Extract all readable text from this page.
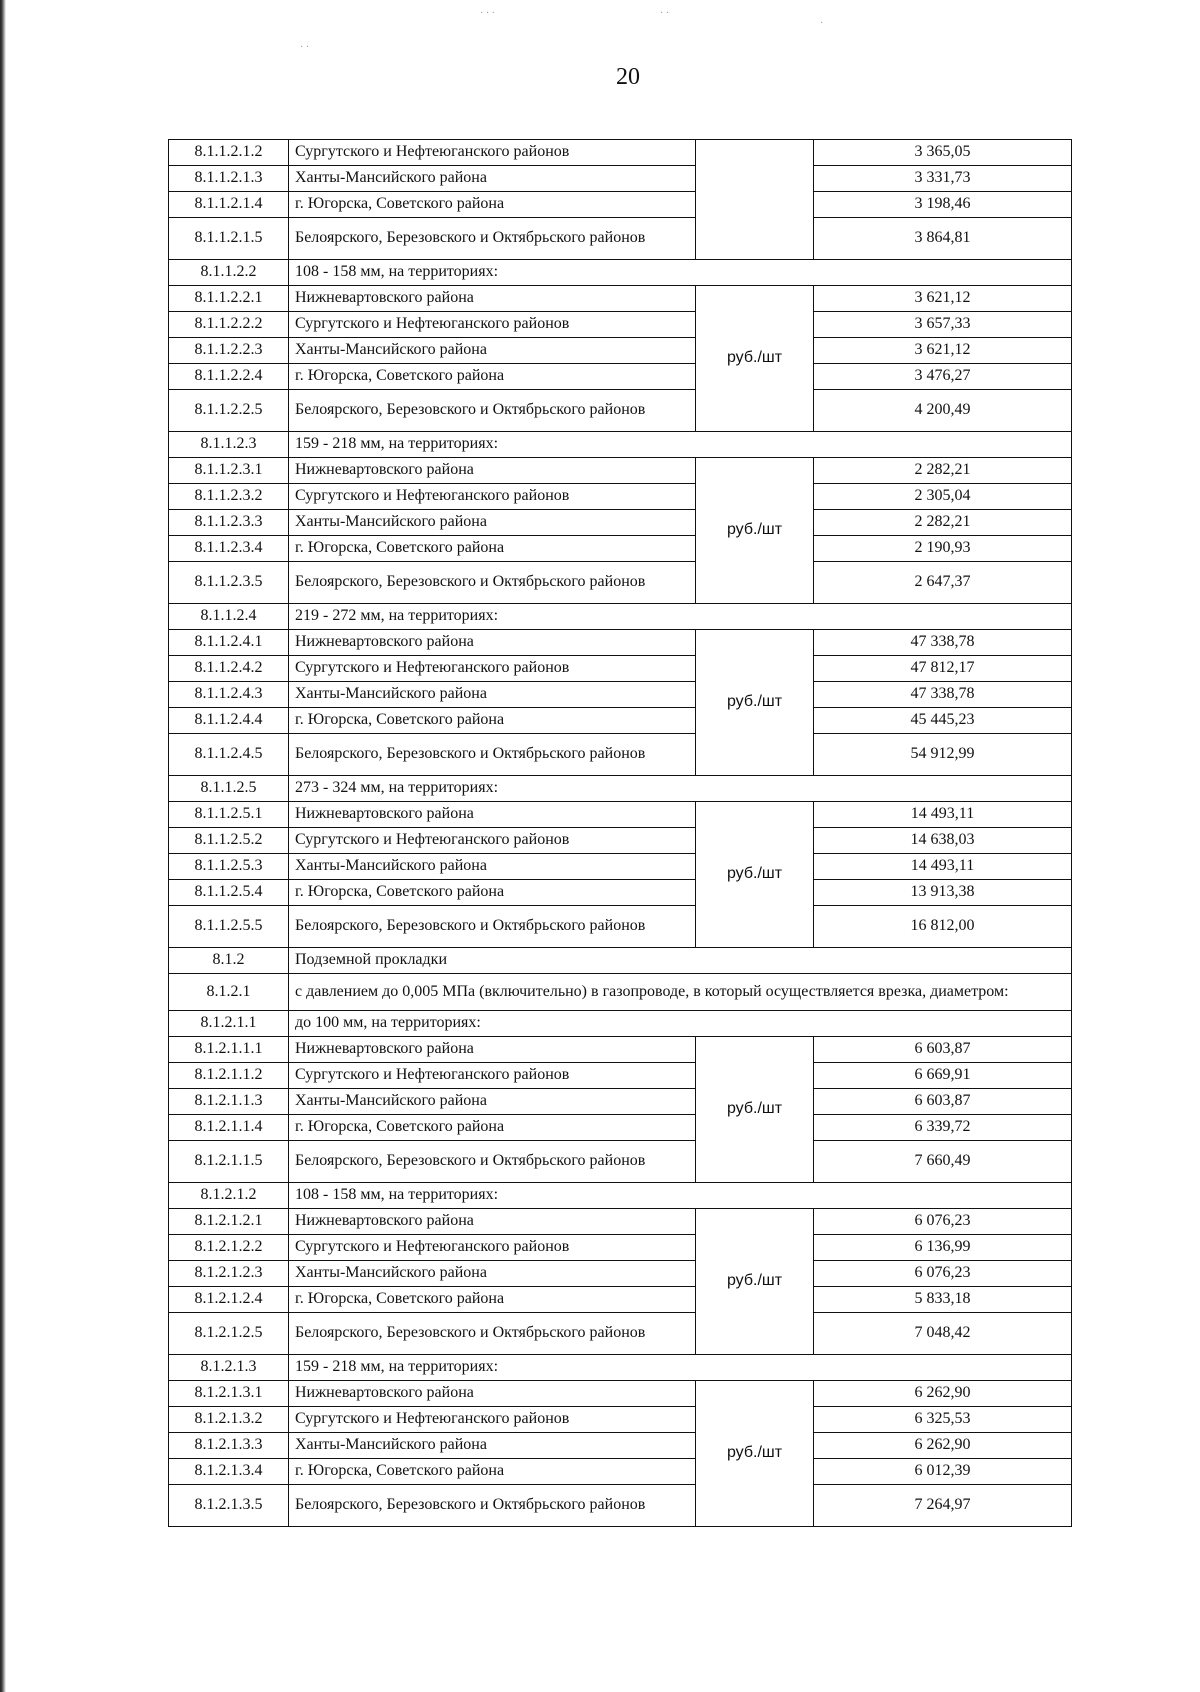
· · ·	· ·
·
· ·
20
8.1.1.2.1.2	Сургутского и Нефтеюганского районов		3 365,05
8.1.1.2.1.3	Ханты-Мансийского района		3 331,73
8.1.1.2.1.4	г. Югорска, Советского района		3 198,46
8.1.1.2.1.5	Белоярского, Березовского и Октябрьского районов		3 864,81
8.1.1.2.2	108 - 158 мм, на территориях:		
8.1.1.2.2.1	Нижневартовского района	руб./шт	3 621,12
8.1.1.2.2.2	Сургутского и Нефтеюганского районов		3 657,33
8.1.1.2.2.3	Ханты-Мансийского района		3 621,12
8.1.1.2.2.4	г. Югорска, Советского района		3 476,27
8.1.1.2.2.5	Белоярского, Березовского и Октябрьского районов		4 200,49
8.1.1.2.3	159 - 218 мм, на территориях:		
8.1.1.2.3.1	Нижневартовского района	руб./шт	2 282,21
8.1.1.2.3.2	Сургутского и Нефтеюганского районов		2 305,04
8.1.1.2.3.3	Ханты-Мансийского района		2 282,21
8.1.1.2.3.4	г. Югорска, Советского района		2 190,93
8.1.1.2.3.5	Белоярского, Березовского и Октябрьского районов		2 647,37
8.1.1.2.4	219 - 272 мм, на территориях:		
8.1.1.2.4.1	Нижневартовского района	руб./шт	47 338,78
8.1.1.2.4.2	Сургутского и Нефтеюганского районов		47 812,17
8.1.1.2.4.3	Ханты-Мансийского района		47 338,78
8.1.1.2.4.4	г. Югорска, Советского района		45 445,23
8.1.1.2.4.5	Белоярского, Березовского и Октябрьского районов		54 912,99
8.1.1.2.5	273 - 324 мм, на территориях:		
8.1.1.2.5.1	Нижневартовского района	руб./шт	14 493,11
8.1.1.2.5.2	Сургутского и Нефтеюганского районов		14 638,03
8.1.1.2.5.3	Ханты-Мансийского района		14 493,11
8.1.1.2.5.4	г. Югорска, Советского района		13 913,38
8.1.1.2.5.5	Белоярского, Березовского и Октябрьского районов		16 812,00
8.1.2	Подземной прокладки		
8.1.2.1	с давлением до 0,005 МПа (включительно) в газопроводе, в который осуществляется врезка, диаметром:		
8.1.2.1.1	до 100 мм, на территориях:		
8.1.2.1.1.1	Нижневартовского района	руб./шт	6 603,87
8.1.2.1.1.2	Сургутского и Нефтеюганского районов		6 669,91
8.1.2.1.1.3	Ханты-Мансийского района		6 603,87
8.1.2.1.1.4	г. Югорска, Советского района		6 339,72
8.1.2.1.1.5	Белоярского, Березовского и Октябрьского районов		7 660,49
8.1.2.1.2	108 - 158 мм, на территориях:		
8.1.2.1.2.1	Нижневартовского района	руб./шт	6 076,23
8.1.2.1.2.2	Сургутского и Нефтеюганского районов		6 136,99
8.1.2.1.2.3	Ханты-Мансийского района		6 076,23
8.1.2.1.2.4	г. Югорска, Советского района		5 833,18
8.1.2.1.2.5	Белоярского, Березовского и Октябрьского районов		7 048,42
8.1.2.1.3	159 - 218 мм, на территориях:		
8.1.2.1.3.1	Нижневартовского района	руб./шт	6 262,90
8.1.2.1.3.2	Сургутского и Нефтеюганского районов		6 325,53
8.1.2.1.3.3	Ханты-Мансийского района		6 262,90
8.1.2.1.3.4	г. Югорска, Советского района		6 012,39
8.1.2.1.3.5	Белоярского, Березовского и Октябрьского районов		7 264,97
